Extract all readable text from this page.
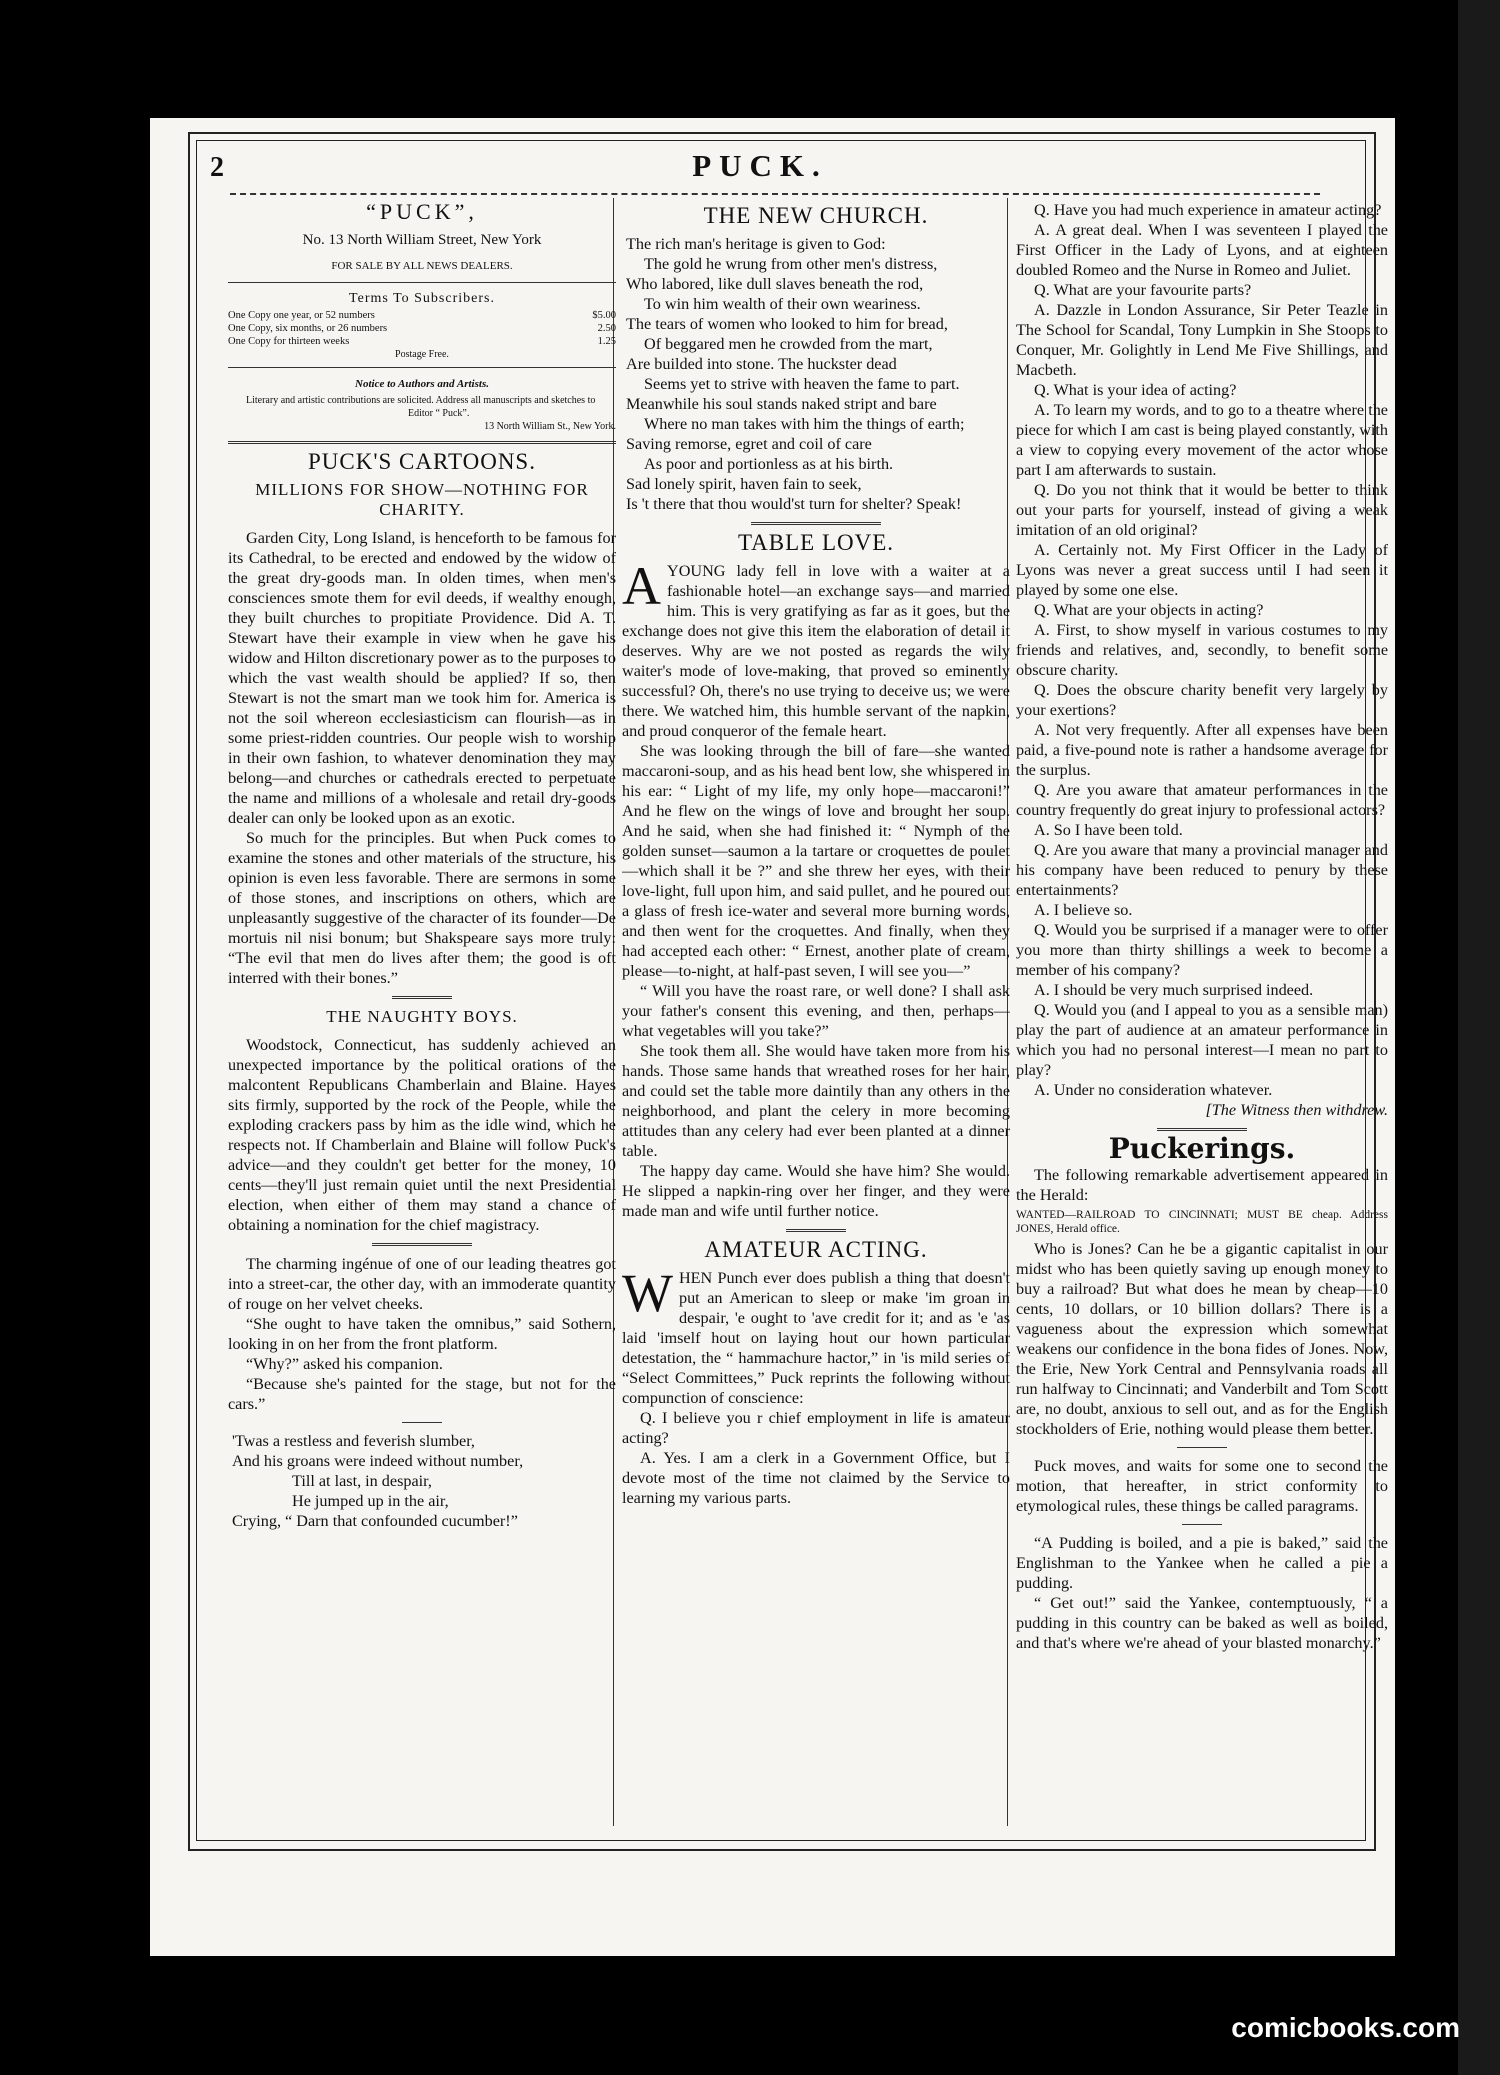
2	PUCK.
“PUCK”,
No. 13 North William Street, New York
FOR SALE BY ALL NEWS DEALERS.
Terms To Subscribers.
One Copy one year, or 52 numbers	$5.00
One Copy, six months, or 26 numbers	2.50
One Copy for thirteen weeks	1.25
Postage Free.
Notice to Authors and Artists.

Literary and artistic contributions are solicited. Address all manuscripts and sketches to

Editor “ Puck”.
13 North William St., New York.
PUCK'S CARTOONS.
MILLIONS FOR SHOW—NOTHING FOR CHARITY.

Garden City, Long Island, is henceforth to be famous for its Cathedral, to be erected and endowed by the widow of the great dry-goods man. In olden times, when men's consciences smote them for evil deeds, if wealthy enough, they built churches to propitiate Providence. Did A. T. Stewart have their example in view when he gave his widow and Hilton discretionary power as to the purposes to which the vast wealth should be applied? If so, then Stewart is not the smart man we took him for. America is not the soil whereon ecclesiasticism can flourish—as in some priest-ridden countries. Our people wish to worship in their own fashion, to whatever denomination they may belong—and churches or cathedrals erected to perpetuate the name and millions of a wholesale and retail dry-goods dealer can only be looked upon as an exotic.

So much for the principles. But when Puck comes to examine the stones and other materials of the structure, his opinion is even less favorable. There are sermons in some of those stones, and inscriptions on others, which are unpleasantly suggestive of the character of its founder—De mortuis nil nisi bonum; but Shakspeare says more truly: “The evil that men do lives after them; the good is oft interred with their bones.”

THE NAUGHTY BOYS.

Woodstock, Connecticut, has suddenly achieved an unexpected importance by the political orations of the malcontent Republicans Chamberlain and Blaine. Hayes sits firmly, supported by the rock of the People, while the exploding crackers pass by him as the idle wind, which he respects not. If Chamberlain and Blaine will follow Puck's advice—and they couldn't get better for the money, 10 cents—they'll just remain quiet until the next Presidential election, when either of them may stand a chance of obtaining a nomination for the chief magistracy.

The charming ingénue of one of our leading theatres got into a street-car, the other day, with an immoderate quantity of rouge on her velvet cheeks.

“She ought to have taken the omnibus,” said Sothern, looking in on her from the front platform.

“Why?” asked his companion.

“Because she's painted for the stage, but not for the cars.”

'Twas a restless and feverish slumber,
And his groans were indeed without number,
Till at last, in despair,
He jumped up in the air,
Crying, “ Darn that confounded cucumber!”
THE NEW CHURCH.
The rich man's heritage is given to God:
The gold he wrung from other men's distress,
Who labored, like dull slaves beneath the rod,
To win him wealth of their own weariness.
The tears of women who looked to him for bread,
Of beggared men he crowded from the mart,
Are builded into stone. The huckster dead
Seems yet to strive with heaven the fame to part.
Meanwhile his soul stands naked stript and bare
Where no man takes with him the things of earth;
Saving remorse, egret and coil of care
As poor and portionless as at his birth.
Sad lonely spirit, haven fain to seek,
Is 't there that thou would'st turn for shelter? Speak!
TABLE LOVE.

AYOUNG lady fell in love with a waiter at a fashionable hotel—an exchange says—and married him. This is very gratifying as far as it goes, but the exchange does not give this item the elaboration of detail it deserves. Why are we not posted as regards the wily waiter's mode of love-making, that proved so eminently successful? Oh, there's no use trying to deceive us; we were there. We watched him, this humble servant of the napkin, and proud conqueror of the female heart.

She was looking through the bill of fare—she wanted maccaroni-soup, and as his head bent low, she whispered in his ear: “ Light of my life, my only hope—maccaroni!” And he flew on the wings of love and brought her soup. And he said, when she had finished it: “ Nymph of the golden sunset—saumon a la tartare or croquettes de poulet—which shall it be ?” and she threw her eyes, with their love-light, full upon him, and said pullet, and he poured out a glass of fresh ice-water and several more burning words, and then went for the croquettes. And finally, when they had accepted each other: “ Ernest, another plate of cream, please—to-night, at half-past seven, I will see you—”

“ Will you have the roast rare, or well done? I shall ask your father's consent this evening, and then, perhaps— what vegetables will you take?”

She took them all. She would have taken more from his hands. Those same hands that wreathed roses for her hair, and could set the table more daintily than any others in the neighborhood, and plant the celery in more becoming attitudes than any celery had ever been planted at a dinner table.

The happy day came. Would she have him? She would. He slipped a napkin-ring over her finger, and they were made man and wife until further notice.

AMATEUR ACTING.

WHEN Punch ever does publish a thing that doesn't put an American to sleep or make 'im groan in despair, 'e ought to 'ave credit for it; and as 'e 'as laid 'imself hout on laying hout our hown particular detestation, the “ hammachure hactor,” in 'is mild series of “Select Committees,” Puck reprints the following without compunction of conscience:

Q. I believe you r chief employment in life is amateur acting?

A. Yes. I am a clerk in a Government Office, but I devote most of the time not claimed by the Service to learning my various parts.

Q. Have you had much experience in amateur acting?

A. A great deal. When I was seventeen I played the First Officer in the Lady of Lyons, and at eighteen doubled Romeo and the Nurse in Romeo and Juliet.

Q. What are your favourite parts?

A. Dazzle in London Assurance, Sir Peter Teazle in The School for Scandal, Tony Lumpkin in She Stoops to Conquer, Mr. Golightly in Lend Me Five Shillings, and Macbeth.

Q. What is your idea of acting?

A. To learn my words, and to go to a theatre where the piece for which I am cast is being played constantly, with a view to copying every movement of the actor whose part I am afterwards to sustain.

Q. Do you not think that it would be better to think out your parts for yourself, instead of giving a weak imitation of an old original?

A. Certainly not. My First Officer in the Lady of Lyons was never a great success until I had seen it played by some one else.

Q. What are your objects in acting?

A. First, to show myself in various costumes to my friends and relatives, and, secondly, to benefit some obscure charity.

Q. Does the obscure charity benefit very largely by your exertions?

A. Not very frequently. After all expenses have been paid, a five-pound note is rather a handsome average for the surplus.

Q. Are you aware that amateur performances in the country frequently do great injury to professional actors?

A. So I have been told.

Q. Are you aware that many a provincial manager and his company have been reduced to penury by these entertainments?

A. I believe so.

Q. Would you be surprised if a manager were to offer you more than thirty shillings a week to become a member of his company?

A. I should be very much surprised indeed.

Q. Would you (and I appeal to you as a sensible man) play the part of audience at an amateur performance in which you had no personal interest—I mean no part to play?

A. Under no consideration whatever.

[The Witness then withdrew.
Puckerings.

The following remarkable advertisement appeared in the Herald:

WANTED—RAILROAD TO CINCINNATI; MUST BE cheap. Address JONES, Herald office.

Who is Jones? Can he be a gigantic capitalist in our midst who has been quietly saving up enough money to buy a railroad? But what does he mean by cheap—10 cents, 10 dollars, or 10 billion dollars? There is a vagueness about the expression which somewhat weakens our confidence in the bona fides of Jones. Now, the Erie, New York Central and Pennsylvania roads all run halfway to Cincinnati; and Vanderbilt and Tom Scott are, no doubt, anxious to sell out, and as for the English stockholders of Erie, nothing would please them better.

Puck moves, and waits for some one to second the motion, that hereafter, in strict conformity to etymological rules, these things be called paragrams.

“A Pudding is boiled, and a pie is baked,” said the Englishman to the Yankee when he called a pie a pudding.

“ Get out!” said the Yankee, contemptuously, “ a pudding in this country can be baked as well as boiled, and that's where we're ahead of your blasted monarchy.”

comicbooks.com
